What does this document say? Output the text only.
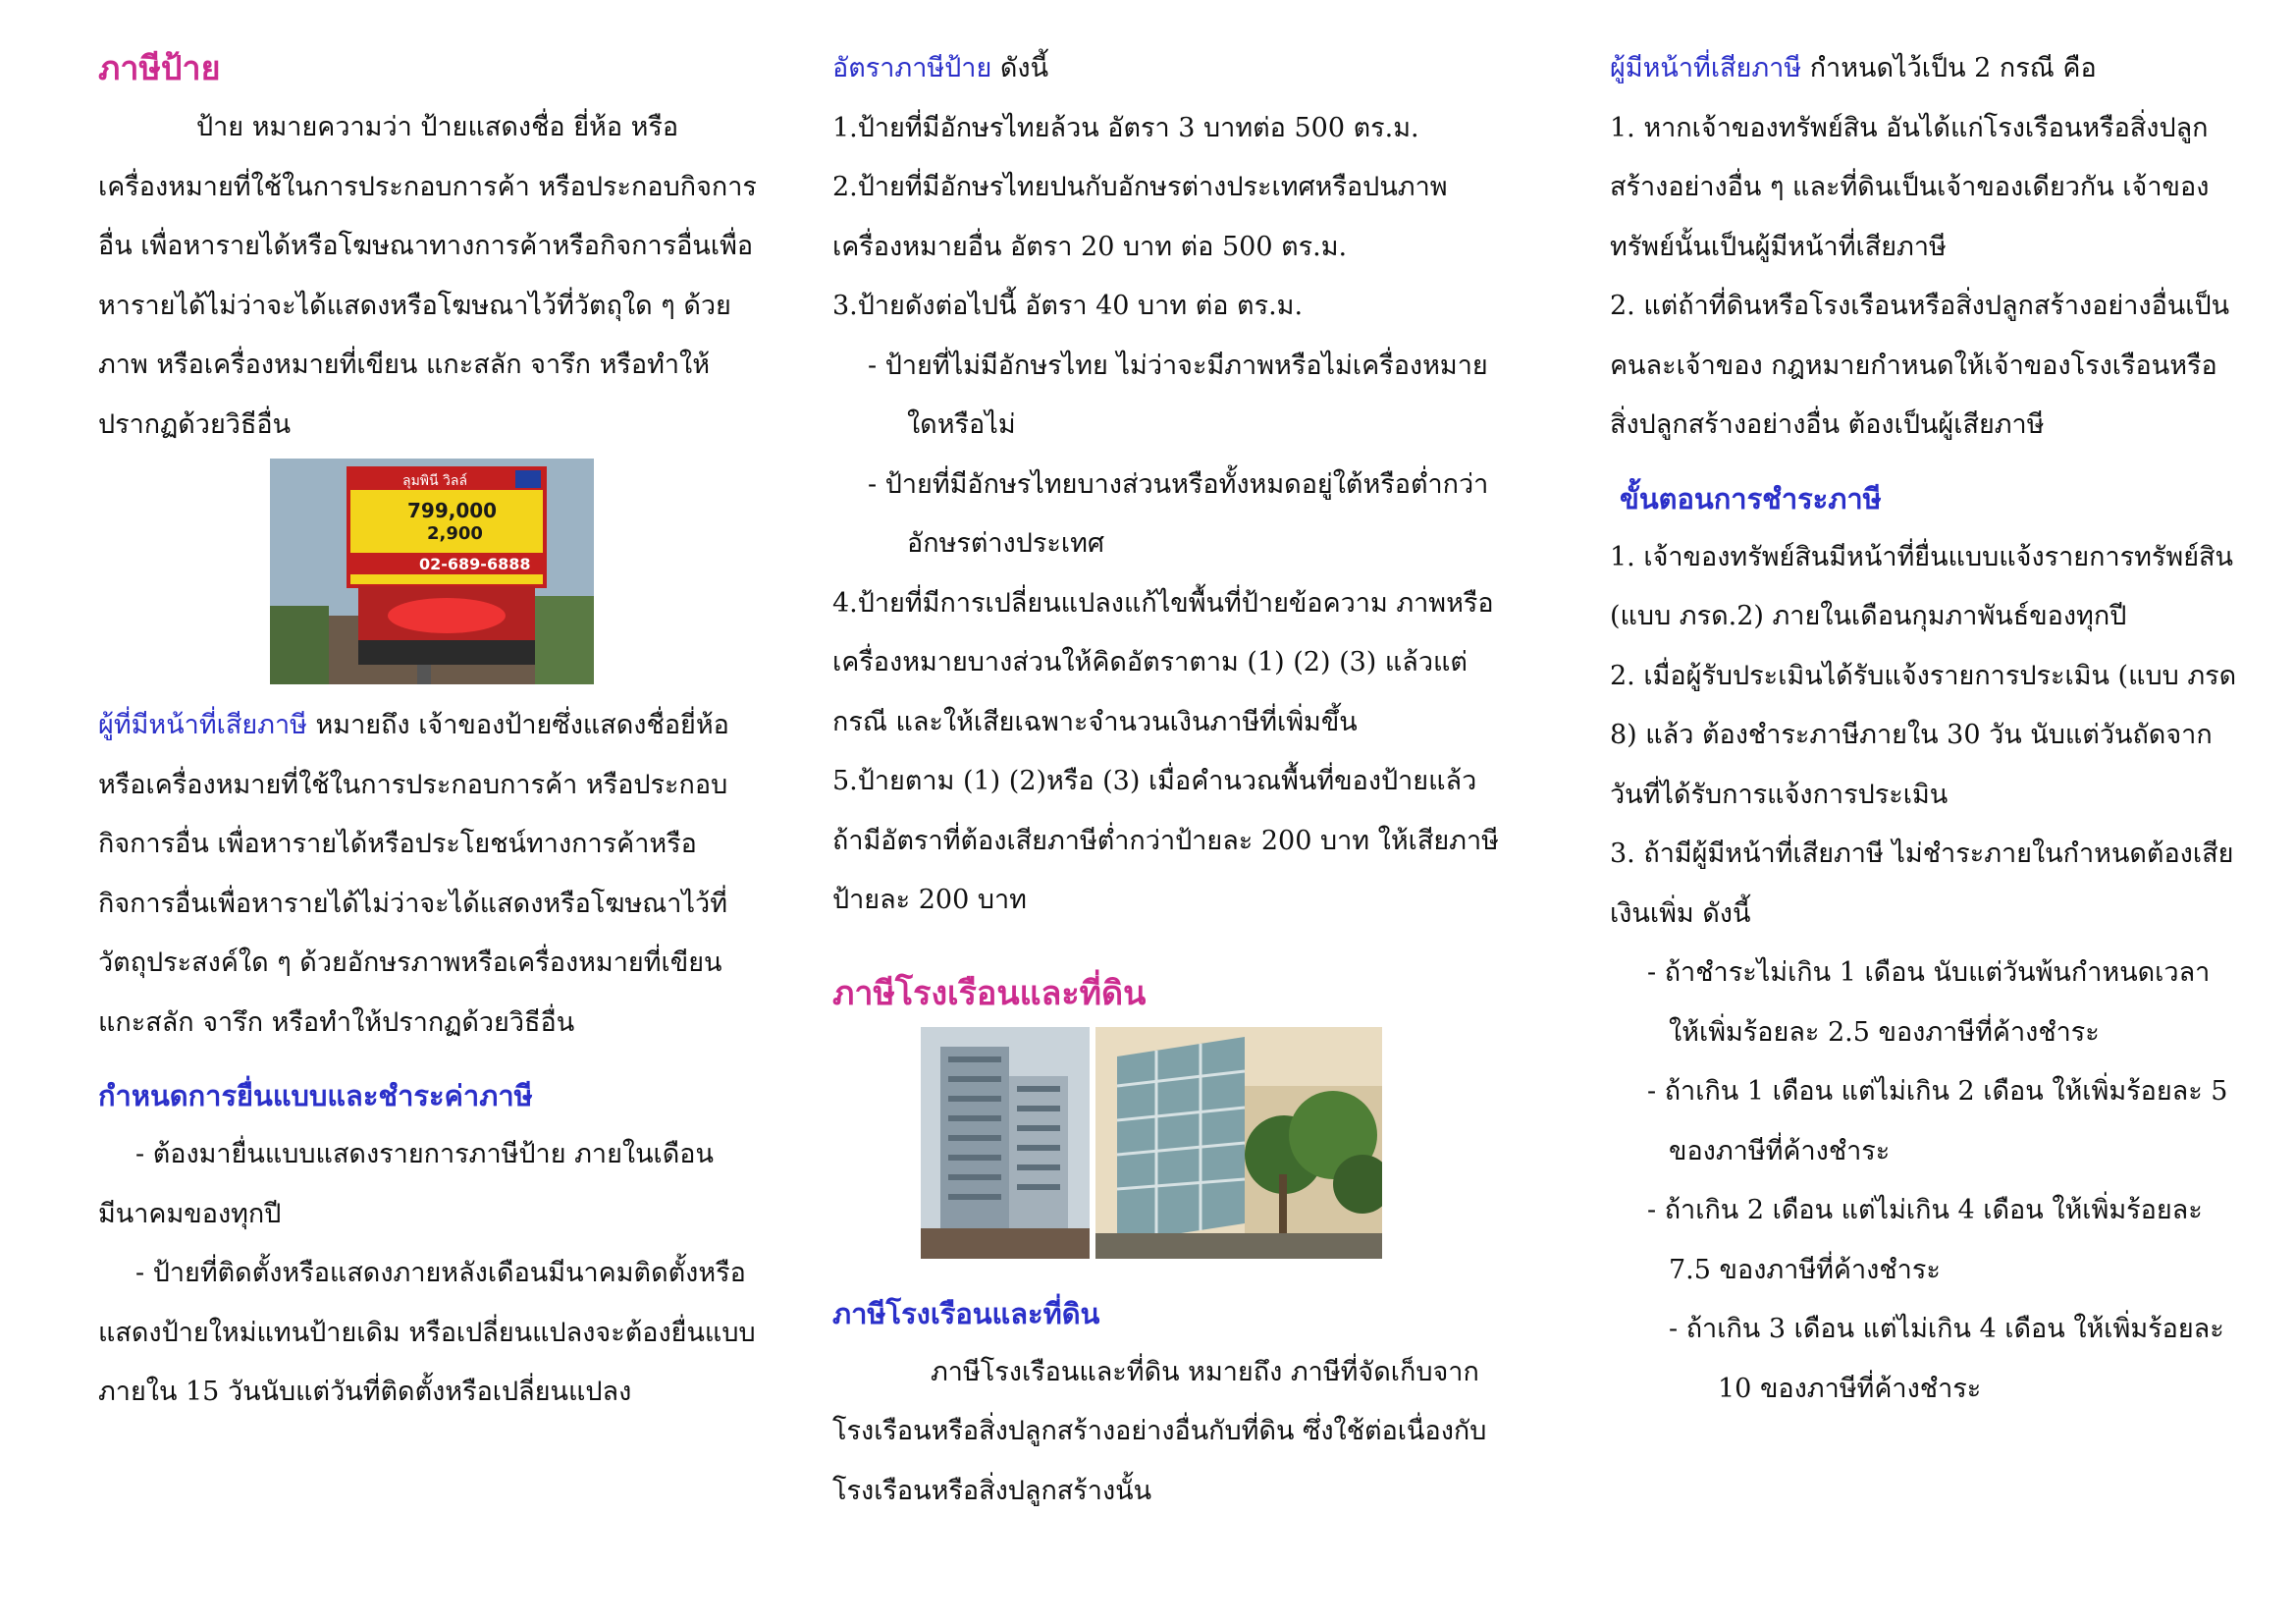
ภาษีป้าย

ป้าย หมายความว่า ป้ายแสดงชื่อ ยี่ห้อ หรือเครื่องหมายที่ใช้ในการประกอบการค้า หรือประกอบกิจการอื่น เพื่อหารายได้หรือโฆษณาทางการค้าหรือกิจการอื่นเพื่อหารายได้ไม่ว่าจะได้แสดงหรือโฆษณาไว้ที่วัตถุใด ๆ ด้วยภาพ หรือเครื่องหมายที่เขียน แกะสลัก จารึก หรือทำให้ปรากฏด้วยวิธีอื่น

ลุมพินี วิลล์
799,000
2,900
02-689-6888

ผู้ที่มีหน้าที่เสียภาษี หมายถึง เจ้าของป้ายซึ่งแสดงชื่อยี่ห้อ หรือเครื่องหมายที่ใช้ในการประกอบการค้า หรือประกอบกิจการอื่น เพื่อหารายได้หรือประโยชน์ทางการค้าหรือกิจการอื่นเพื่อหารายได้ไม่ว่าจะได้แสดงหรือโฆษณาไว้ที่วัตถุประสงค์ใด ๆ ด้วยอักษรภาพหรือเครื่องหมายที่เขียน แกะสลัก จารึก หรือทำให้ปรากฏด้วยวิธีอื่น

กำหนดการยื่นแบบและชำระค่าภาษี

- ต้องมายื่นแบบแสดงรายการภาษีป้าย ภายในเดือนมีนาคมของทุกปี

- ป้ายที่ติดตั้งหรือแสดงภายหลังเดือนมีนาคมติดตั้งหรือแสดงป้ายใหม่แทนป้ายเดิม หรือเปลี่ยนแปลงจะต้องยื่นแบบภายใน 15 วันนับแต่วันที่ติดตั้งหรือเปลี่ยนแปลง

อัตราภาษีป้าย ดังนี้

1.ป้ายที่มีอักษรไทยล้วน อัตรา 3 บาทต่อ 500 ตร.ม.

2.ป้ายที่มีอักษรไทยปนกับอักษรต่างประเทศหรือปนภาพเครื่องหมายอื่น อัตรา 20 บาท ต่อ 500 ตร.ม.

3.ป้ายดังต่อไปนี้ อัตรา 40 บาท ต่อ ตร.ม.

- ป้ายที่ไม่มีอักษรไทย ไม่ว่าจะมีภาพหรือไม่เครื่องหมายใดหรือไม่

- ป้ายที่มีอักษรไทยบางส่วนหรือทั้งหมดอยู่ใต้หรือต่ำกว่าอักษรต่างประเทศ

4.ป้ายที่มีการเปลี่ยนแปลงแก้ไขพื้นที่ป้ายข้อความ ภาพหรือเครื่องหมายบางส่วนให้คิดอัตราตาม (1) (2) (3) แล้วแต่กรณี และให้เสียเฉพาะจำนวนเงินภาษีที่เพิ่มขึ้น

5.ป้ายตาม (1) (2)หรือ (3) เมื่อคำนวณพื้นที่ของป้ายแล้วถ้ามีอัตราที่ต้องเสียภาษีต่ำกว่าป้ายละ 200 บาท ให้เสียภาษีป้ายละ 200 บาท

ภาษีโรงเรือนและที่ดิน
ภาษีโรงเรือนและที่ดิน

ภาษีโรงเรือนและที่ดิน หมายถึง ภาษีที่จัดเก็บจากโรงเรือนหรือสิ่งปลูกสร้างอย่างอื่นกับที่ดิน ซึ่งใช้ต่อเนื่องกับโรงเรือนหรือสิ่งปลูกสร้างนั้น

ผู้มีหน้าที่เสียภาษี กำหนดไว้เป็น 2 กรณี คือ

1. หากเจ้าของทรัพย์สิน อันได้แก่โรงเรือนหรือสิ่งปลูกสร้างอย่างอื่น ๆ และที่ดินเป็นเจ้าของเดียวกัน เจ้าของทรัพย์นั้นเป็นผู้มีหน้าที่เสียภาษี

2. แต่ถ้าที่ดินหรือโรงเรือนหรือสิ่งปลูกสร้างอย่างอื่นเป็นคนละเจ้าของ กฎหมายกำหนดให้เจ้าของโรงเรือนหรือสิ่งปลูกสร้างอย่างอื่น ต้องเป็นผู้เสียภาษี

ขั้นตอนการชำระภาษี

1. เจ้าของทรัพย์สินมีหน้าที่ยื่นแบบแจ้งรายการทรัพย์สิน (แบบ ภรด.2) ภายในเดือนกุมภาพันธ์ของทุกปี

2. เมื่อผู้รับประเมินได้รับแจ้งรายการประเมิน (แบบ ภรด 8) แล้ว ต้องชำระภาษีภายใน 30 วัน นับแต่วันถัดจากวันที่ได้รับการแจ้งการประเมิน

3. ถ้ามีผู้มีหน้าที่เสียภาษี ไม่ชำระภายในกำหนดต้องเสียเงินเพิ่ม ดังนี้

- ถ้าชำระไม่เกิน 1 เดือน นับแต่วันพ้นกำหนดเวลาให้เพิ่มร้อยละ 2.5 ของภาษีที่ค้างชำระ

- ถ้าเกิน 1 เดือน แต่ไม่เกิน 2 เดือน ให้เพิ่มร้อยละ 5 ของภาษีที่ค้างชำระ

- ถ้าเกิน 2 เดือน แต่ไม่เกิน 4 เดือน ให้เพิ่มร้อยละ 7.5 ของภาษีที่ค้างชำระ

- ถ้าเกิน 3 เดือน แต่ไม่เกิน 4 เดือน ให้เพิ่มร้อยละ 10 ของภาษีที่ค้างชำระ
